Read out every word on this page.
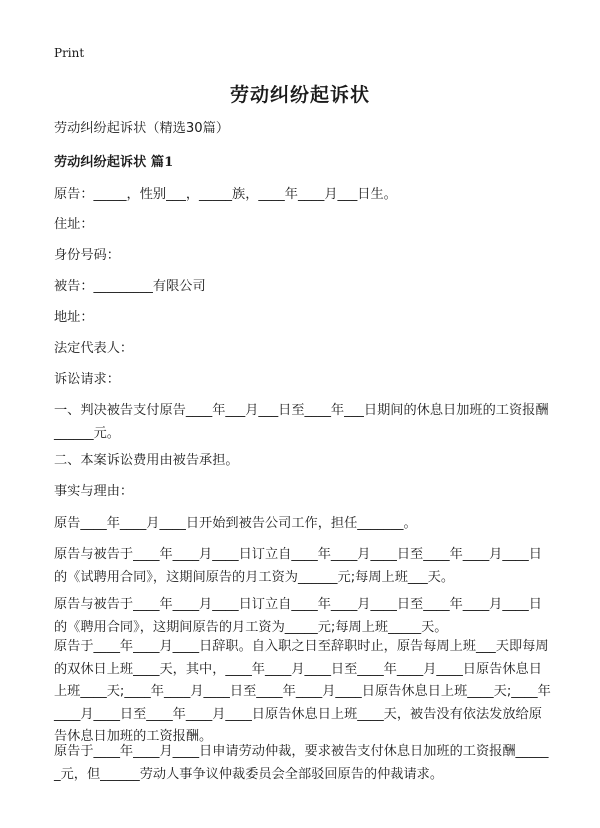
Print
劳动纠纷起诉状

劳动纠纷起诉状（精选30篇）

劳动纠纷起诉状 篇1

原告：_____，性别___，_____族，____年____月___日生。

住址：

身份号码：

被告：_________有限公司

地址：

法定代表人：

诉讼请求：

一、判决被告支付原告____年___月___日至____年___日期间的休息日加班的工资报酬______元。

二、本案诉讼费用由被告承担。

事实与理由：

原告____年____月____日开始到被告公司工作，担任_______。

原告与被告于____年____月____日订立自____年____月____日至____年____月____日的《试聘用合同》，这期间原告的月工资为______元;每周上班___天。

原告与被告于____年____月____日订立自____年____月____日至____年____月____日的《聘用合同》，这期间原告的月工资为_____元;每周上班_____天。

原告于____年____月____日辞职。自入职之日至辞职时止，原告每周上班___天即每周的双休日上班____天，其中，____年____月____日至____年____月____日原告休息日上班____天;____年____月____日至____年____月____日原告休息日上班____天;____年____月____日至____年____月____日原告休息日上班____天，被告没有依法发放给原告休息日加班的工资报酬。

原告于____年____月____日申请劳动仲裁，要求被告支付休息日加班的工资报酬______元，但______劳动人事争议仲裁委员会全部驳回原告的仲裁请求。
